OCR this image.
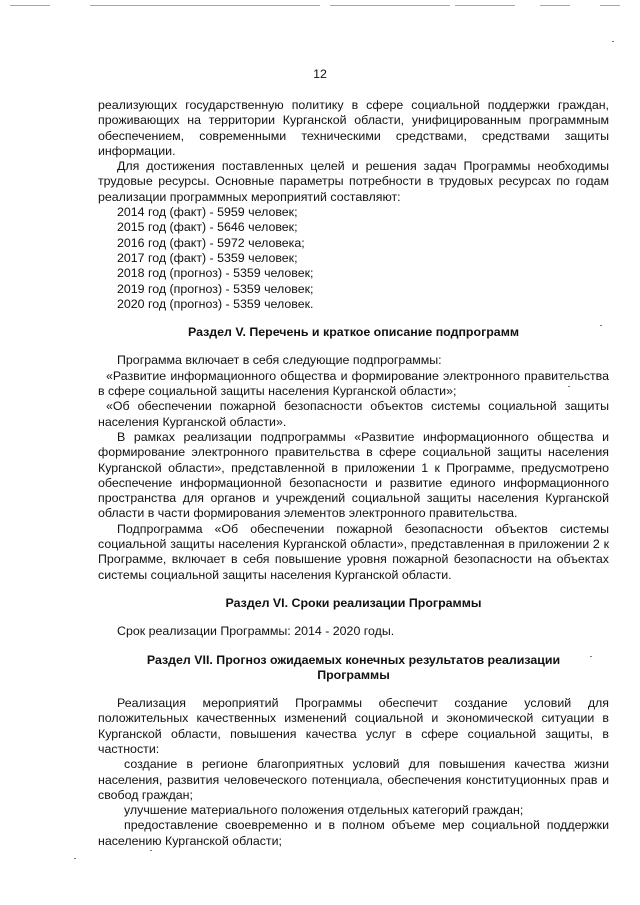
12

реализующих государственную политику в сфере социальной поддержки граждан, проживающих на территории Курганской области, унифицированным программным обеспечением, современными техническими средствами, средствами защиты информации.

Для достижения поставленных целей и решения задач Программы необходимы трудовые ресурсы. Основные параметры потребности в трудовых ресурсах по годам реализации программных мероприятий составляют:

2014 год (факт) - 5959 человек;
2015 год (факт) - 5646 человек;
2016 год (факт) - 5972 человека;
2017 год (факт) - 5359 человек;
2018 год (прогноз) - 5359 человек;
2019 год (прогноз) - 5359 человек;
2020 год (прогноз) - 5359 человек.
Раздел V. Перечень и краткое описание подпрограмм

Программа включает в себя следующие подпрограммы:

«Развитие информационного общества и формирование электронного правительства в сфере социальной защиты населения Курганской области»;

«Об обеспечении пожарной безопасности объектов системы социальной защиты населения Курганской области».

В рамках реализации подпрограммы «Развитие информационного общества и формирование электронного правительства в сфере социальной защиты населения Курганской области», представленной в приложении 1 к Программе, предусмотрено обеспечение информационной безопасности и развитие единого информационного пространства для органов и учреждений социальной защиты населения Курганской области в части формирования элементов электронного правительства.

Подпрограмма «Об обеспечении пожарной безопасности объектов системы социальной защиты населения Курганской области», представленная в приложении 2 к Программе, включает в себя повышение уровня пожарной безопасности на объектах системы социальной защиты населения Курганской области.

Раздел VI. Сроки реализации Программы

Срок реализации Программы: 2014 - 2020 годы.

Раздел VII. Прогноз ожидаемых конечных результатов реализации
Программы

Реализация мероприятий Программы обеспечит создание условий для положительных качественных изменений социальной и экономической ситуации в Курганской области, повышения качества услуг в сфере социальной защиты, в частности:

создание в регионе благоприятных условий для повышения качества жизни населения, развития человеческого потенциала, обеспечения конституционных прав и свобод граждан;

улучшение материального положения отдельных категорий граждан;

предоставление своевременно и в полном объеме мер социальной поддержки населению Курганской области;
